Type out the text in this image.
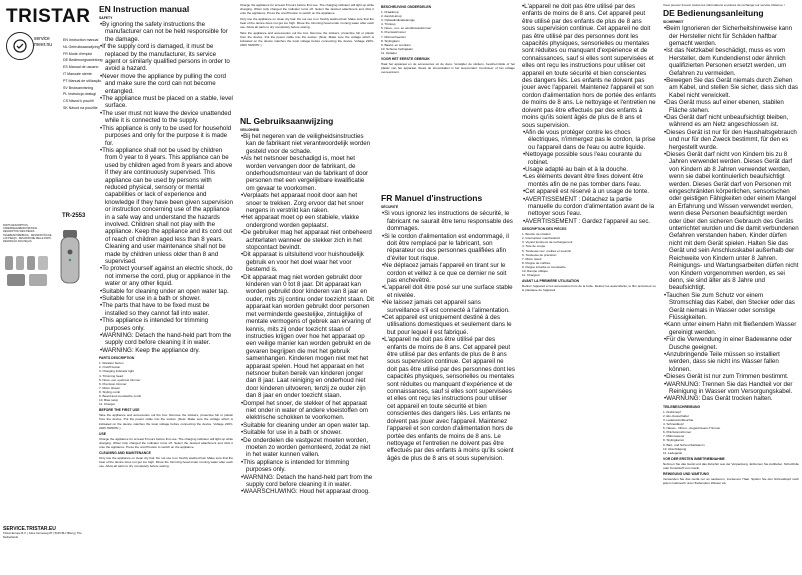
TRISTAR
service
meer.nu
EN Instruction manual
NL Gebruiksaanwijzing
FR Mode d'emploi
DE Bedienungsanleitung
ES Manual de usuario
IT Manuale utente
PT Manual de utilização
SV Bruksanvisning
PL Instrukcja obsługi
CS Návod k použití
SK Návod na použitie
TR-2553
PARTS DESCRIPTION · ONDERDELENBESCHRIJVING · DESCRIPTION DES PIÈCES · TEILEBESCHREIBUNG · DESCRIPCIÓN DE LAS PIEZAS · DESCRIZIONE DELLE PARTI · DESCRIÇÃO DAS PEÇAS
SERVICE.TRISTAR.EU
Tristar Europe B.V. | Jules Verneweg 87 | 5015 BH Tilburg | The Netherlands
EN Instruction manual
SAFETY

• By ignoring the safety instructions the manufacturer can not be held responsible for the damage.

• If the supply cord is damaged, it must be replaced by the manufacturer, its service agent or similarly qualified persons in order to avoid a hazard.

• Never move the appliance by pulling the cord and make sure the cord can not become entangled.

• The appliance must be placed on a stable, level surface.

• The user must not leave the device unattended while it is connected to the supply.

• This appliance is only to be used for household purposes and only for the purpose it is made for.

• This appliance shall not be used by children from 0 year to 8 years. This appliance can be used by children aged from 8 years and above if they are continuously supervised. This appliance can be used by persons with reduced physical, sensory or mental capabilities or lack of experience and knowledge if they have been given supervision or instruction concerning use of the appliance in a safe way and understand the hazards involved. Children shall not play with the appliance. Keep the appliance and its cord out of reach of children aged less than 8 years. Cleaning and user maintenance shall not be made by children unless older than 8 and supervised.

• To protect yourself against an electric shock, do not immerse the cord, plug or appliance in the water or any other liquid.

• Suitable for cleaning under an open water tap.

• Suitable for use in a bath or shower.

• The parts that have to be fixed must be installed so they cannot fall into water.

• This appliance is intended for trimming purposes only.

• WARNING: Detach the hand-held part from the supply cord before cleaning it in water.

• WARNING: Keep the appliance dry.

PARTS DESCRIPTION

1. Rotation button

2. On/off button

3. Charging indicator light

4. Trimming head

5. Nose, ear, eyebrow trimmer

6. Precision trimmer

7. Micro shaver

8. Styling comb

9. Beard and moustache comb

10. Bias ramp

11. Charger

BEFORE THE FIRST USE

Take the appliance and accessories out the box. Remove the stickers, protective foil or plastic from the device. Put the power cable into the socket. (Note: Make sure the voltage which is indicated on the device matches the local voltage before connecting the device. Voltage 220V-240V 50/60Hz.)

USE

Charge the appliance for at least 8 hours before first use. The charging indicator will light up while charging. When fully charged the indicator turns off. Select the desired attachment and click it onto the appliance. Press the on/off button to switch on the appliance.

CLEANING AND MAINTENANCE

Only use the appliance on clean dry hair. Do not use it on freshly washed hair. Make sure that the heat of the device does not get too high. Rinse the trimming head under running water after each use. Allow all parts to dry completely before storing.

Charge the appliance for at least 8 hours before first use. The charging indicator will light up while charging. When fully charged the indicator turns off. Select the desired attachment and click it onto the appliance. Press the on/off button to switch on the appliance.

Only use the appliance on clean dry hair. Do not use it on freshly washed hair. Make sure that the heat of the device does not get too high. Rinse the trimming head under running water after each use. Allow all parts to dry completely before storing.

Take the appliance and accessories out the box. Remove the stickers, protective foil or plastic from the device. Put the power cable into the socket. (Note: Make sure the voltage which is indicated on the device matches the local voltage before connecting the device. Voltage 220V-240V 50/60Hz.)

NL Gebruiksaanwijzing
VEILIGHEID

• Bij het negeren van de veiligheidsinstructies kan de fabrikant niet verantwoordelijk worden gesteld voor de schade.

• Als het netsnoer beschadigd is, moet het worden vervangen door de fabrikant, de onderhoudsmonteur van de fabrikant of door personen met een vergelijkbare kwalificatie om gevaar te voorkomen.

• Verplaats het apparaat nooit door aan het snoer te trekken. Zorg ervoor dat het snoer nergens in verstrikt kan raken.

• Het apparaat moet op een stabiele, vlakke ondergrond worden geplaatst.

• De gebruiker mag het apparaat niet onbeheerd achterlaten wanneer de stekker zich in het stopcontact bevindt.

• Dit apparaat is uitsluitend voor huishoudelijk gebruik en voor het doel waar het voor bestemd is.

• Dit apparaat mag niet worden gebruikt door kinderen van 0 tot 8 jaar. Dit apparaat kan worden gebruikt door kinderen van 8 jaar en ouder, mits zij continu onder toezicht staan. Dit apparaat kan worden gebruikt door personen met verminderde geestelijke, zintuiglijke of mentale vermogens of gebrek aan ervaring of kennis, mits zij onder toezicht staan of instructies krijgen over hoe het apparaat op een veilige manier kan worden gebruikt en de gevaren begrijpen die met het gebruik samenhangen. Kinderen mogen niet met het apparaat spelen. Houd het apparaat en het netsnoer buiten bereik van kinderen jonger dan 8 jaar. Laat reiniging en onderhoud niet door kinderen uitvoeren, tenzij ze ouder zijn dan 8 jaar en onder toezicht staan.

• Dompel het snoer, de stekker of het apparaat niet onder in water of andere vloeistoffen om elektrische schokken te voorkomen.

• Suitable for cleaning under an open water tap.

• Suitable for use in a bath or shower.

• De onderdelen die vastgezet moeten worden, moeten zo worden gemonteerd, zodat ze niet in het water kunnen vallen.

• This appliance is intended for trimming purposes only.

• WARNING: Detach the hand-held part from the supply cord before cleaning it in water.

• WAARSCHUWING: Houd het apparaat droog.

BESCHRIJVING ONDERDELEN

1. Draaiknop

2. Aan/uit-knop

3. Oplaadindicatielampje

4. Trimkop

5. Neus-, oor- en wenkbrauwtrimmer

6. Precisietrimmer

7. Microscheerder

8. Stylingkam

9. Baard- en snorkam

10. Schuine hellingkam

11. Oplader

VOOR HET EERSTE GEBRUIK

Haal het apparaat en de accessoires uit de doos. Verwijder de stickers, beschermfolie of het plastic van het apparaat. Steek de stroomkabel in het stopcontact. Controleer of het voltage overeenkomt.

FR Manuel d'instructions
SÉCURITÉ

• Si vous ignorez les instructions de sécurité, le fabricant ne saurait être tenu responsable des dommages.

• Si le cordon d'alimentation est endommagé, il doit être remplacé par le fabricant, son réparateur ou des personnes qualifiées afin d'éviter tout risque.

• Ne déplacez jamais l'appareil en tirant sur le cordon et veillez à ce que ce dernier ne soit pas enchevêtré.

• L'appareil doit être posé sur une surface stable et nivelée.

• Ne laissez jamais cet appareil sans surveillance s'il est connecté à l'alimentation.

• Cet appareil est uniquement destiné à des utilisations domestiques et seulement dans le but pour lequel il est fabriqué.

• L'appareil ne doit pas être utilisé par des enfants de moins de 8 ans. Cet appareil peut être utilisé par des enfants de plus de 8 ans sous supervision continue. Cet appareil ne doit pas être utilisé par des personnes dont les capacités physiques, sensorielles ou mentales sont réduites ou manquant d'expérience et de connaissances, sauf si elles sont supervisées et elles ont reçu les instructions pour utiliser cet appareil en toute sécurité et bien conscientes des dangers liés. Les enfants ne doivent pas jouer avec l'appareil. Maintenez l'appareil et son cordon d'alimentation hors de portée des enfants de moins de 8 ans. Le nettoyage et l'entretien ne doivent pas être effectués par des enfants à moins qu'ils soient âgés de plus de 8 ans et sous supervision.

• L'appareil ne doit pas être utilisé par des enfants de moins de 8 ans. Cet appareil peut être utilisé par des enfants de plus de 8 ans sous supervision continue. Cet appareil ne doit pas être utilisé par des personnes dont les capacités physiques, sensorielles ou mentales sont réduites ou manquant d'expérience et de connaissances, sauf si elles sont supervisées et elles ont reçu les instructions pour utiliser cet appareil en toute sécurité et bien conscientes des dangers liés. Les enfants ne doivent pas jouer avec l'appareil. Maintenez l'appareil et son cordon d'alimentation hors de portée des enfants de moins de 8 ans. Le nettoyage et l'entretien ne doivent pas être effectués par des enfants à moins qu'ils soient âgés de plus de 8 ans et sous supervision.

• Afin de vous protéger contre les chocs électriques, n'immergez pas le cordon, la prise ou l'appareil dans de l'eau ou autre liquide.

• Nettoyage possible sous l'eau courante du robinet.

• Usage adapté au bain et à la douche.

• Les éléments devant être fixes doivent être montés afin de ne pas tomber dans l'eau.

• Cet appareil est réservé à un usage de tonte.

• AVERTISSEMENT : Détachez la partie manuelle du cordon d'alimentation avant de la nettoyer sous l'eau.

• AVERTISSEMENT : Gardez l'appareil au sec.

DESCRIPTION DES PIÈCES

1. Bouton de rotation

2. Interrupteur marche/arrêt

3. Voyant lumineux de rechargement

4. Tête de coupe

5. Tondeuse nez, oreilles et sourcils

6. Tondeuse de précision

7. Micro rasoir

8. Peigne de coiffure

9. Peigne à barbe et moustache

10. Rampe oblique

11. Chargeur

AVANT LA PREMIÈRE UTILISATION

Retirez l'appareil et les accessoires hors de la boîte. Retirez les autocollants, le film protecteur ou le plastique de l'appareil.

Vous pouvez trouver toutes les informations et pièces de rechange sur service.tristar.eu !

DE Bedienungsanleitung
SICHERHEIT

• Beim Ignorieren der Sicherheitshinweise kann der Hersteller nicht für Schäden haftbar gemacht werden.

• Ist das Netzkabel beschädigt, muss es vom Hersteller, dem Kundendienst oder ähnlich qualifizierten Personen ersetzt werden, um Gefahren zu vermeiden.

• Bewegen Sie das Gerät niemals durch Ziehen am Kabel, und stellen Sie sicher, dass sich das Kabel nicht verwickelt.

• Das Gerät muss auf einer ebenen, stabilen Fläche stehen.

• Das Gerät darf nicht unbeaufsichtigt bleiben, während es am Netz angeschlossen ist.

• Dieses Gerät ist nur für den Haushaltsgebrauch und nur für den Zweck bestimmt, für den es hergestellt wurde.

• Dieses Gerät darf nicht von Kindern bis zu 8 Jahren verwendet werden. Dieses Gerät darf von Kindern ab 8 Jahren verwendet werden, wenn sie dabei kontinuierlich beaufsichtigt werden. Dieses Gerät darf von Personen mit eingeschränkten körperlichen, sensorischen oder geistigen Fähigkeiten oder einem Mangel an Erfahrung und Wissen verwendet werden, wenn diese Personen beaufsichtigt werden oder über den sicheren Gebrauch des Geräts unterrichtet wurden und die damit verbundenen Gefahren verstanden haben. Kinder dürfen nicht mit dem Gerät spielen. Halten Sie das Gerät und sein Anschlusskabel außerhalb der Reichweite von Kindern unter 8 Jahren. Reinigungs- und Wartungsarbeiten dürfen nicht von Kindern vorgenommen werden, es sei denn, sie sind älter als 8 Jahre und beaufsichtigt.

• Tauchen Sie zum Schutz vor einem Stromschlag das Kabel, den Stecker oder das Gerät niemals in Wasser oder sonstige Flüssigkeiten.

• Kann unter einem Hahn mit fließendem Wasser gereinigt werden.

• Für die Verwendung in einer Badewanne oder Dusche geeignet.

• Anzubringende Teile müssen so installiert werden, dass sie nicht ins Wasser fallen können.

• Dieses Gerät ist nur zum Trimmen bestimmt.

• WARNUNG: Trennen Sie das Handteil vor der Reinigung in Wasser vom Versorgungskabel.

• WARNUNG: Das Gerät trocken halten.

TEILEBESCHREIBUNG

1. Drehknopf

2. Ein-/Ausschalter

3. Ladekontrollleuchte

4. Schneidkopf

5. Nasen-, Ohren-, Augenbrauen-Trimmer

6. Präzisionstrimmer

7. Mikrorasierer

8. Stylingkamm

9. Bart- und Schnurrbartkamm

10. Abschrägung

11. Ladegerät

VOR DER ERSTEN INBETRIEBNAHME

Nehmen Sie das Gerät und das Zubehör aus der Verpackung. Entfernen Sie Aufkleber, Schutzfolie oder Kunststoff vom Gerät.

REINIGUNG UND WARTUNG

Verwenden Sie das Gerät nur an sauberem, trockenem Haar. Spülen Sie den Schneidkopf nach jedem Gebrauch unter fließendem Wasser ab.
